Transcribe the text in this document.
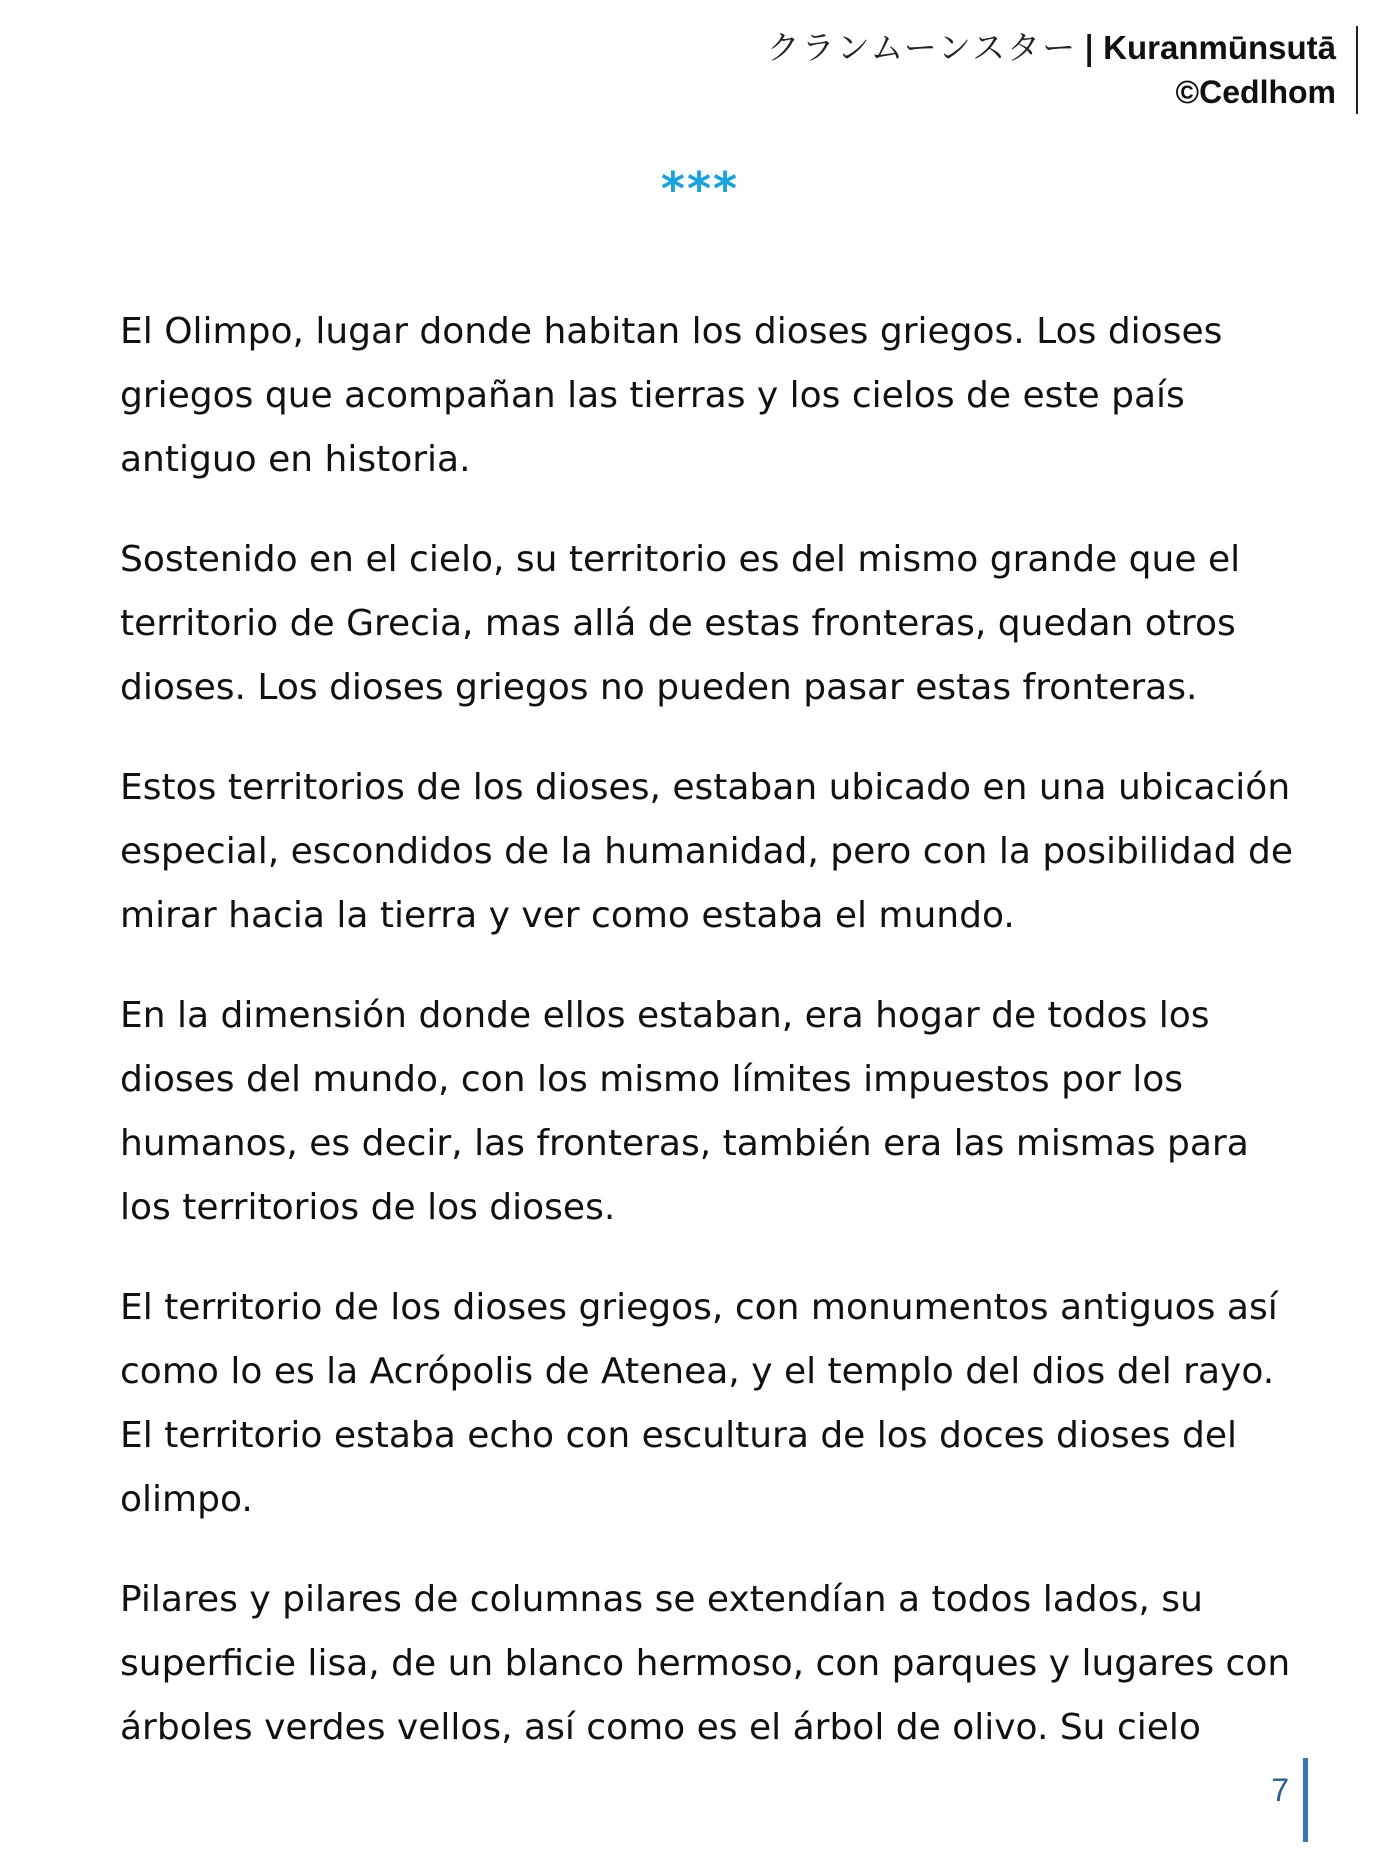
クランムーンスター | Kuranmūnsutā
©Cedlhom
***

El Olimpo, lugar donde habitan los dioses griegos. Los dioses griegos que acompañan las tierras y los cielos de este país antiguo en historia.

Sostenido en el cielo, su territorio es del mismo grande que el territorio de Grecia, mas allá de estas fronteras, quedan otros dioses. Los dioses griegos no pueden pasar estas fronteras.

Estos territorios de los dioses, estaban ubicado en una ubicación especial, escondidos de la humanidad, pero con la posibilidad de mirar hacia la tierra y ver como estaba el mundo.

En la dimensión donde ellos estaban, era hogar de todos los dioses del mundo, con los mismo límites impuestos por los humanos, es decir, las fronteras, también era las mismas para los territorios de los dioses.

El territorio de los dioses griegos, con monumentos antiguos así como lo es la Acrópolis de Atenea, y el templo del dios del rayo. El territorio estaba echo con escultura de los doces dioses del olimpo.

Pilares y pilares de columnas se extendían a todos lados, su superficie lisa, de un blanco hermoso, con parques y lugares con árboles verdes vellos, así como es el árbol de olivo. Su cielo

7
